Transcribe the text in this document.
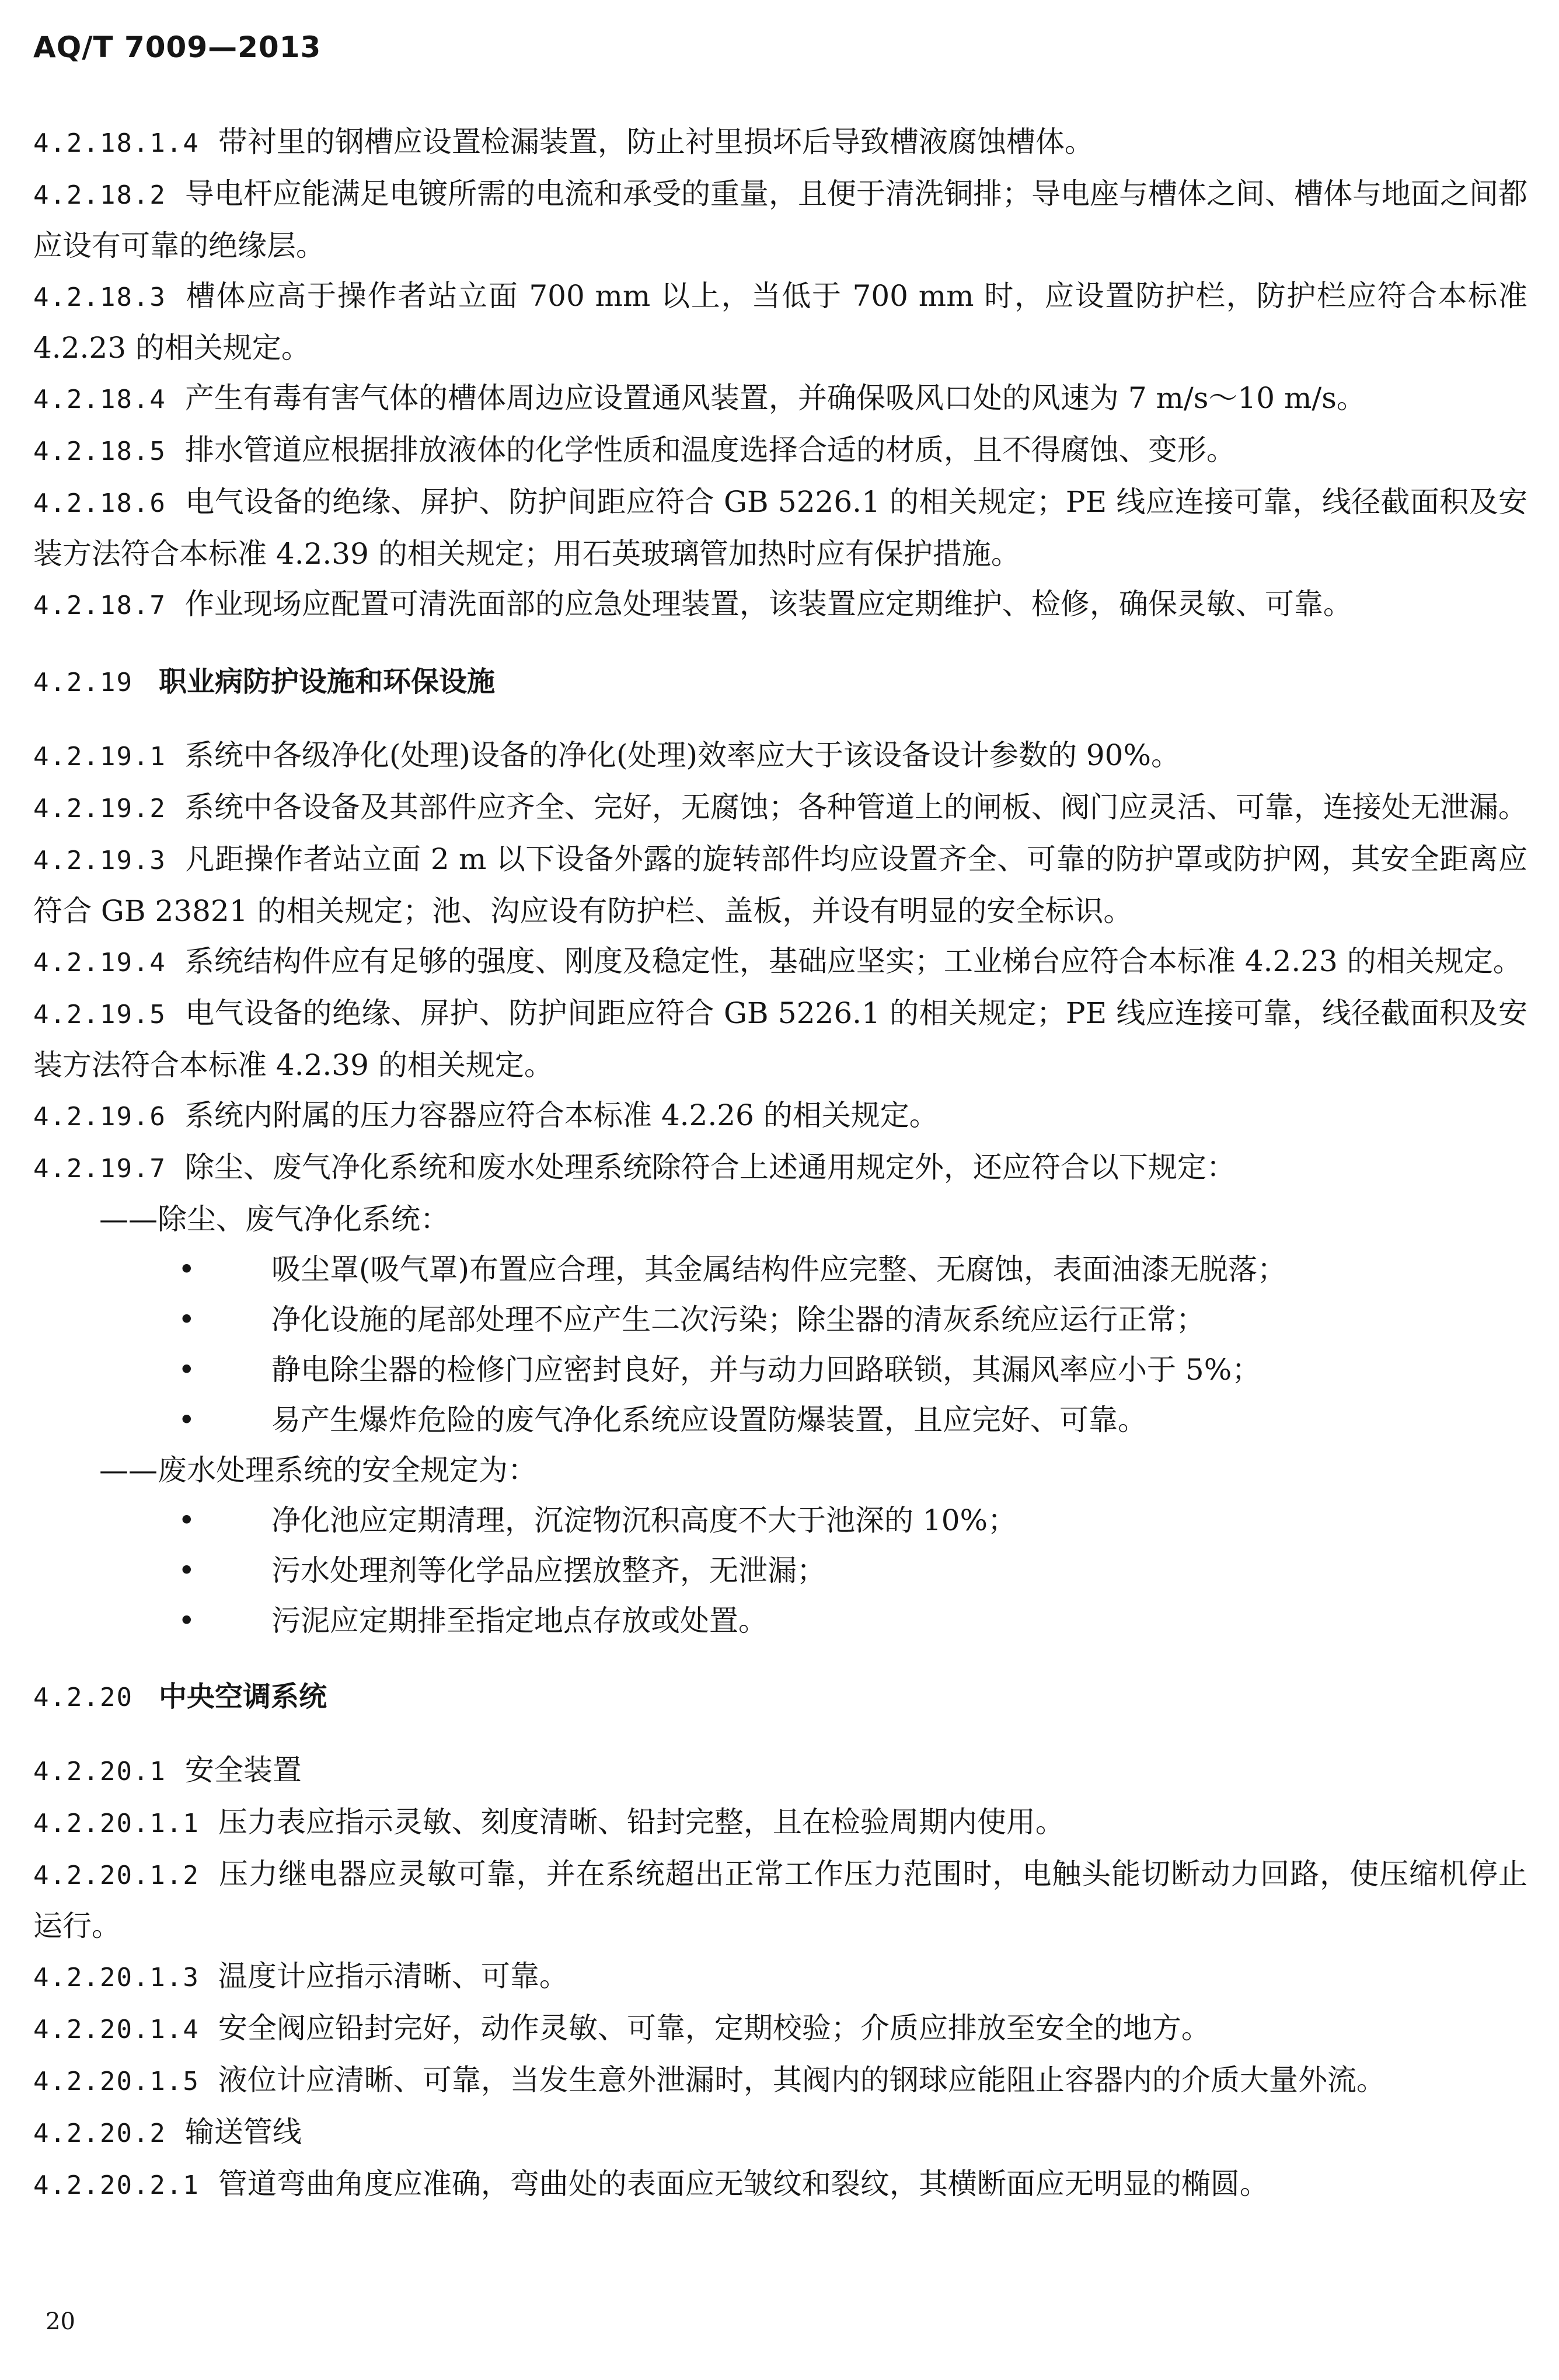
AQ/T 7009—2013

4.2.18.1.4 带衬里的钢槽应设置检漏装置，防止衬里损坏后导致槽液腐蚀槽体。

4.2.18.2 导电杆应能满足电镀所需的电流和承受的重量，且便于清洗铜排；导电座与槽体之间、槽体与地面之间都应设有可靠的绝缘层。

4.2.18.3 槽体应高于操作者站立面 700 mm 以上，当低于 700 mm 时，应设置防护栏，防护栏应符合本标准 4.2.23 的相关规定。

4.2.18.4 产生有毒有害气体的槽体周边应设置通风装置，并确保吸风口处的风速为 7 m/s～10 m/s。

4.2.18.5 排水管道应根据排放液体的化学性质和温度选择合适的材质，且不得腐蚀、变形。

4.2.18.6 电气设备的绝缘、屏护、防护间距应符合 GB 5226.1 的相关规定；PE 线应连接可靠，线径截面积及安装方法符合本标准 4.2.39 的相关规定；用石英玻璃管加热时应有保护措施。

4.2.18.7 作业现场应配置可清洗面部的应急处理装置，该装置应定期维护、检修，确保灵敏、可靠。

4.2.19 职业病防护设施和环保设施

4.2.19.1 系统中各级净化(处理)设备的净化(处理)效率应大于该设备设计参数的 90%。

4.2.19.2 系统中各设备及其部件应齐全、完好，无腐蚀；各种管道上的闸板、阀门应灵活、可靠，连接处无泄漏。

4.2.19.3 凡距操作者站立面 2 m 以下设备外露的旋转部件均应设置齐全、可靠的防护罩或防护网，其安全距离应符合 GB 23821 的相关规定；池、沟应设有防护栏、盖板，并设有明显的安全标识。

4.2.19.4 系统结构件应有足够的强度、刚度及稳定性，基础应坚实；工业梯台应符合本标准 4.2.23 的相关规定。

4.2.19.5 电气设备的绝缘、屏护、防护间距应符合 GB 5226.1 的相关规定；PE 线应连接可靠，线径截面积及安装方法符合本标准 4.2.39 的相关规定。

4.2.19.6 系统内附属的压力容器应符合本标准 4.2.26 的相关规定。

4.2.19.7 除尘、废气净化系统和废水处理系统除符合上述通用规定外，还应符合以下规定：

——除尘、废气净化系统：

•	吸尘罩(吸气罩)布置应合理，其金属结构件应完整、无腐蚀，表面油漆无脱落；

•	净化设施的尾部处理不应产生二次污染；除尘器的清灰系统应运行正常；

•	静电除尘器的检修门应密封良好，并与动力回路联锁，其漏风率应小于 5%；

•	易产生爆炸危险的废气净化系统应设置防爆装置，且应完好、可靠。

——废水处理系统的安全规定为：

•	净化池应定期清理，沉淀物沉积高度不大于池深的 10%；

•	污水处理剂等化学品应摆放整齐，无泄漏；

•	污泥应定期排至指定地点存放或处置。

4.2.20 中央空调系统

4.2.20.1 安全装置

4.2.20.1.1 压力表应指示灵敏、刻度清晰、铅封完整，且在检验周期内使用。

4.2.20.1.2 压力继电器应灵敏可靠，并在系统超出正常工作压力范围时，电触头能切断动力回路，使压缩机停止运行。

4.2.20.1.3 温度计应指示清晰、可靠。

4.2.20.1.4 安全阀应铅封完好，动作灵敏、可靠，定期校验；介质应排放至安全的地方。

4.2.20.1.5 液位计应清晰、可靠，当发生意外泄漏时，其阀内的钢球应能阻止容器内的介质大量外流。

4.2.20.2 输送管线

4.2.20.2.1 管道弯曲角度应准确，弯曲处的表面应无皱纹和裂纹，其横断面应无明显的椭圆。

20
